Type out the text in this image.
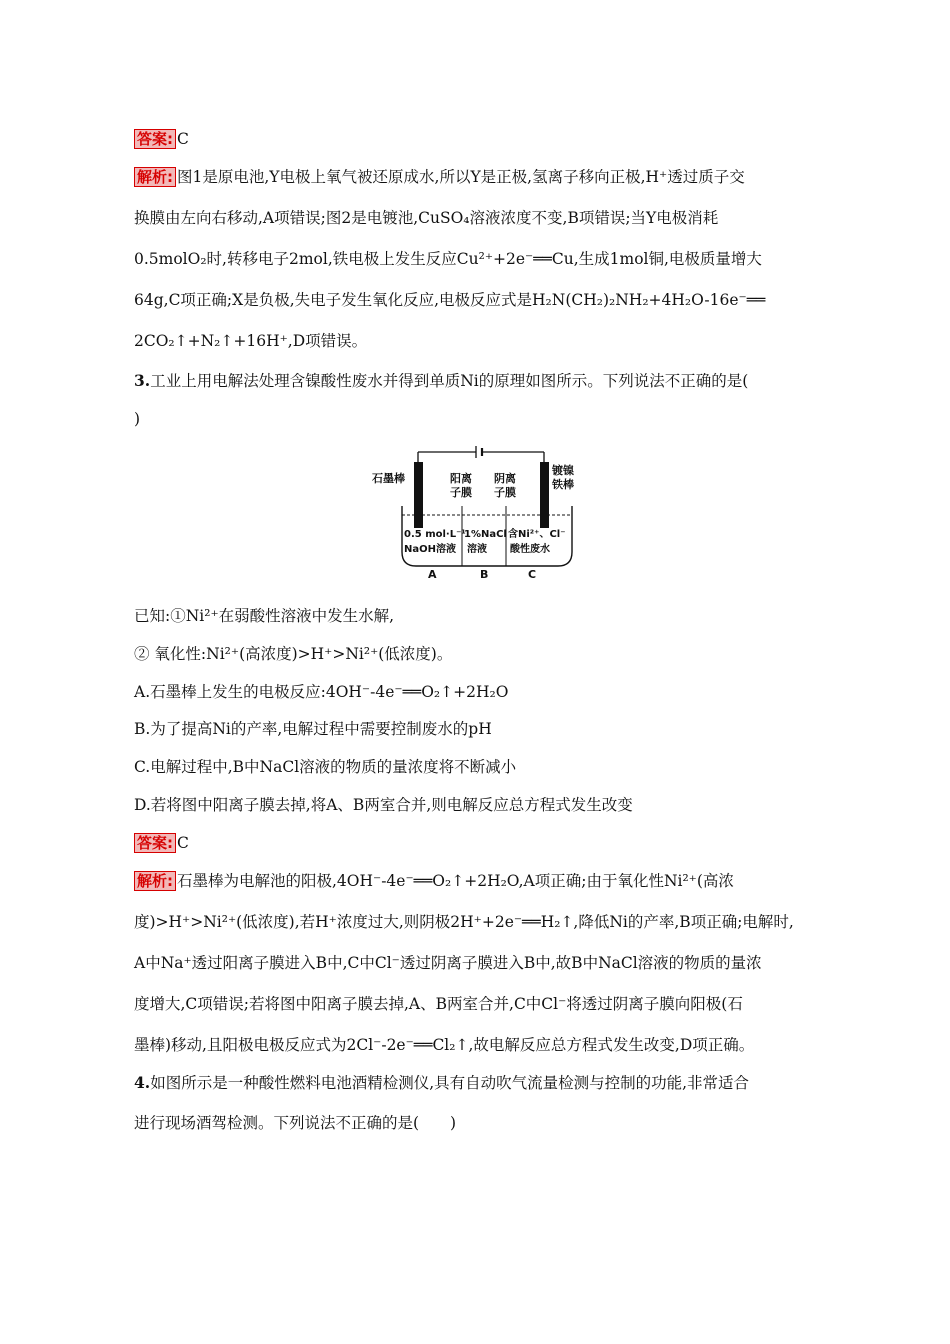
答案: C
解析: 图1是原电池,Y电极上氧气被还原成水,所以Y是正极,氢离子移向正极,H⁺透过质子交
换膜由左向右移动,A项错误;图2是电镀池,CuSO₄溶液浓度不变,B项错误;当Y电极消耗
0.5molO₂时,转移电子2mol,铁电极上发生反应Cu²⁺+2e⁻══Cu,生成1mol铜,电极质量增大
64g,C项正确;X是负极,失电子发生氧化反应,电极反应式是H₂N(CH₂)₂NH₂+4H₂O-16e⁻══
2CO₂↑+N₂↑+16H⁺,D项错误。
3.工业上用电解法处理含镍酸性废水并得到单质Ni的原理如图所示。下列说法不正确的是(
)
石墨棒
镀镍
铁棒
阳离
子膜
阴离
子膜
0.5 mol·L⁻¹
NaOH溶液
1%NaCl
溶液
含Ni²⁺、Cl⁻
酸性废水
A	B	C
已知:①Ni²⁺在弱酸性溶液中发生水解,
② 氧化性:Ni²⁺(高浓度)>H⁺>Ni²⁺(低浓度)。
A.石墨棒上发生的电极反应:4OH⁻-4e⁻══O₂↑+2H₂O
B.为了提高Ni的产率,电解过程中需要控制废水的pH
C.电解过程中,B中NaCl溶液的物质的量浓度将不断减小
D.若将图中阳离子膜去掉,将A、B两室合并,则电解反应总方程式发生改变
答案: C
解析: 石墨棒为电解池的阳极,4OH⁻-4e⁻══O₂↑+2H₂O,A项正确;由于氧化性Ni²⁺(高浓
度)>H⁺>Ni²⁺(低浓度),若H⁺浓度过大,则阴极2H⁺+2e⁻══H₂↑,降低Ni的产率,B项正确;电解时,
A中Na⁺透过阳离子膜进入B中,C中Cl⁻透过阴离子膜进入B中,故B中NaCl溶液的物质的量浓
度增大,C项错误;若将图中阳离子膜去掉,A、B两室合并,C中Cl⁻将透过阴离子膜向阳极(石
墨棒)移动,且阳极电极反应式为2Cl⁻-2e⁻══Cl₂↑,故电解反应总方程式发生改变,D项正确。
4.如图所示是一种酸性燃料电池酒精检测仪,具有自动吹气流量检测与控制的功能,非常适合
进行现场酒驾检测。下列说法不正确的是(　　)
